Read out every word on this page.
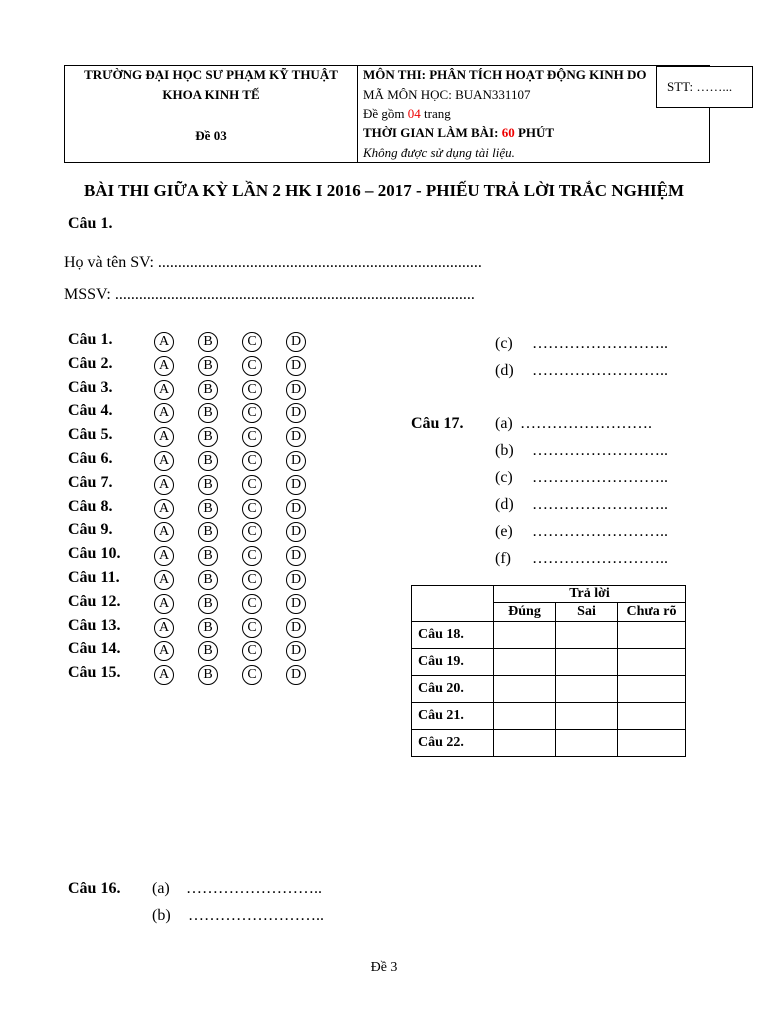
TRƯỜNG ĐẠI HỌC SƯ PHẠM KỸ THUẬT
KHOA KINH TẾ
Đề 03
MÔN THI: PHÂN TÍCH HOẠT ĐỘNG KINH DO
MÃ MÔN HỌC: BUAN331107
Đề gồm 04 trang
THỜI GIAN LÀM BÀI: 60 PHÚT
Không được sử dụng tài liệu.
STT: ……...
BÀI THI GIỮA KỲ LẦN 2 HK I 2016 – 2017 - PHIẾU TRẢ LỜI TRẮC NGHIỆM
Câu 1.
Họ và tên SV: .................................................................................
MSSV: ..........................................................................................
Câu 1.	A	B	C	D
Câu 2.	A	B	C	D
Câu 3.	A	B	C	D
Câu 4.	A	B	C	D
Câu 5.	A	B	C	D
Câu 6.	A	B	C	D
Câu 7.	A	B	C	D
Câu 8.	A	B	C	D
Câu 9.	A	B	C	D
Câu 10.	A	B	C	D
Câu 11.	A	B	C	D
Câu 12.	A	B	C	D
Câu 13.	A	B	C	D
Câu 14.	A	B	C	D
Câu 15.	A	B	C	D
Câu 16. (a) ……………………..
(b) ……………………..
(c) ……………………..
(d) ……………………..
Câu 17. (a) …………………….
(b) ……………………..
(c) ……………………..
(d) ……………………..
(e) ……………………..
(f) ……………………..
	Trả lời		
	Đúng	Sai	Chưa rõ
Câu 18.			
Câu 19.			
Câu 20.			
Câu 21.			
Câu 22.			
Đề 3
